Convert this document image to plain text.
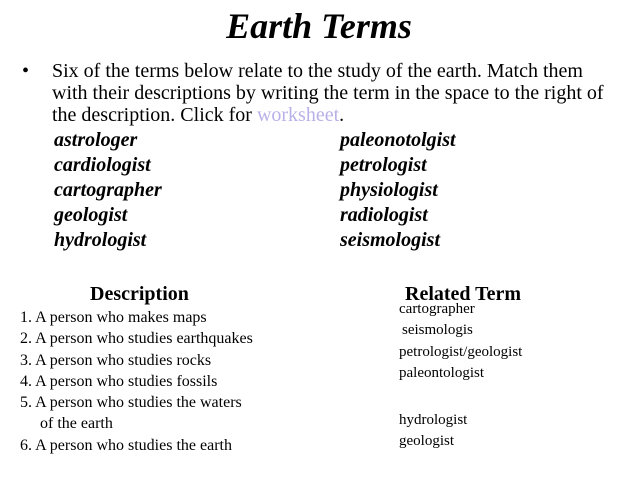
Earth Terms
• Six of the terms below relate to the study of the earth. Match them with their descriptions by writing the term in the space to the right of the description. Click for worksheet.
astrologer
cardiologist
cartographer
geologist
hydrologist
paleonotolgist
petrologist
physiologist
radiologist
seismologist
Description	Related Term
1. A person who makes maps
2. A person who studies earthquakes
3. A person who studies rocks
4. A person who studies fossils
5. A person who studies the waters
of the earth
6. A person who studies the earth
cartographer
seismologis
petrologist/geologist
paleontologist
hydrologist
geologist
